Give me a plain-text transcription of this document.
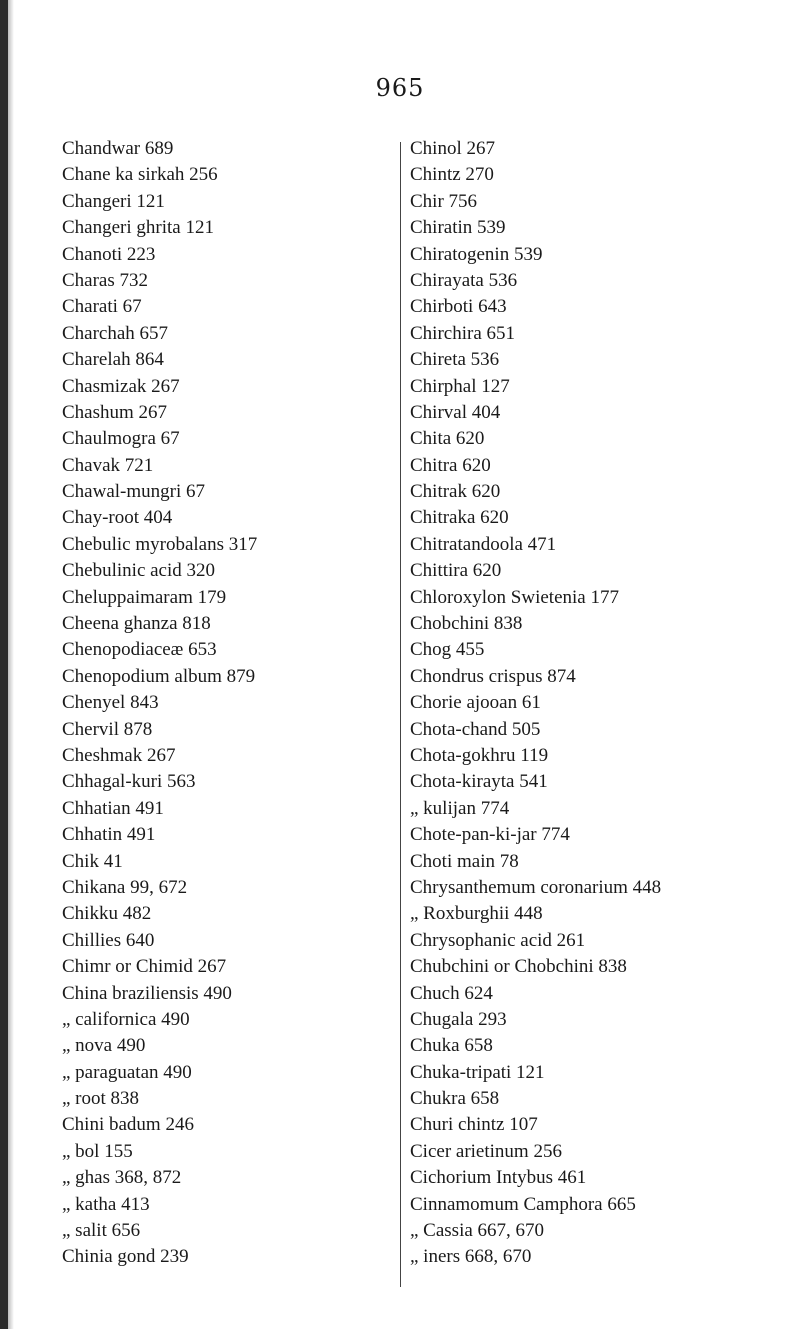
965
Chandwar 689
Chane ka sirkah 256
Changeri 121
Changeri ghrita 121
Chanoti 223
Charas 732
Charati 67
Charchah 657
Charelah 864
Chasmizak 267
Chashum 267
Chaulmogra 67
Chavak 721
Chawal-mungri 67
Chay-root 404
Chebulic myrobalans 317
Chebulinic acid 320
Cheluppaimaram 179
Cheena ghanza 818
Chenopodiaceæ 653
Chenopodium album 879
Chenyel 843
Chervil 878
Cheshmak 267
Chhagal-kuri 563
Chhatian 491
Chhatin 491
Chik 41
Chikana 99, 672
Chikku 482
Chillies 640
Chimr or Chimid 267
China braziliensis 490
„ californica 490
„ nova 490
„ paraguatan 490
„ root 838
Chini badum 246
„ bol 155
„ ghas 368, 872
„ katha 413
„ salit 656
Chinia gond 239
Chinol 267
Chintz 270
Chir 756
Chiratin 539
Chiratogenin 539
Chirayata 536
Chirboti 643
Chirchira 651
Chireta 536
Chirphal 127
Chirval 404
Chita 620
Chitra 620
Chitrak 620
Chitraka 620
Chitratandoola 471
Chittira 620
Chloroxylon Swietenia 177
Chobchini 838
Chog 455
Chondrus crispus 874
Chorie ajooan 61
Chota-chand 505
Chota-gokhru 119
Chota-kirayta 541
„ kulijan 774
Chote-pan-ki-jar 774
Choti main 78
Chrysanthemum coronarium 448
„ Roxburghii 448
Chrysophanic acid 261
Chubchini or Chobchini 838
Chuch 624
Chugala 293
Chuka 658
Chuka-tripati 121
Chukra 658
Churi chintz 107
Cicer arietinum 256
Cichorium Intybus 461
Cinnamomum Camphora 665
„ Cassia 667, 670
„ iners 668, 670
